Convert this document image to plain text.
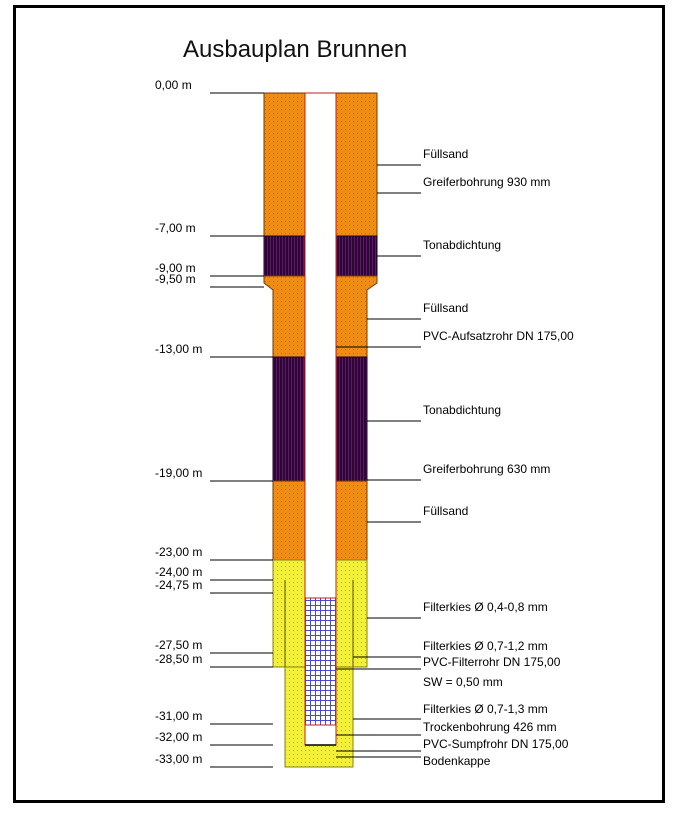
Ausbauplan Brunnen
0,00 m
-7,00 m
-9,00 m
-9,50 m
-13,00 m
-19,00 m
-23,00 m
-24,00 m
-24,75 m
-27,50 m
-28,50 m
-31,00 m
-32,00 m
-33,00 m
Füllsand
Greiferbohrung 930 mm
Tonabdichtung
Füllsand
PVC-Aufsatzrohr DN 175,00
Tonabdichtung
Greiferbohrung 630 mm
Füllsand
Filterkies Ø 0,4-0,8 mm
Filterkies Ø 0,7-1,2 mm
PVC-Filterrohr DN 175,00
SW = 0,50 mm
Filterkies Ø 0,7-1,3 mm
Trockenbohrung 426 mm
PVC-Sumpfrohr DN 175,00
Bodenkappe
